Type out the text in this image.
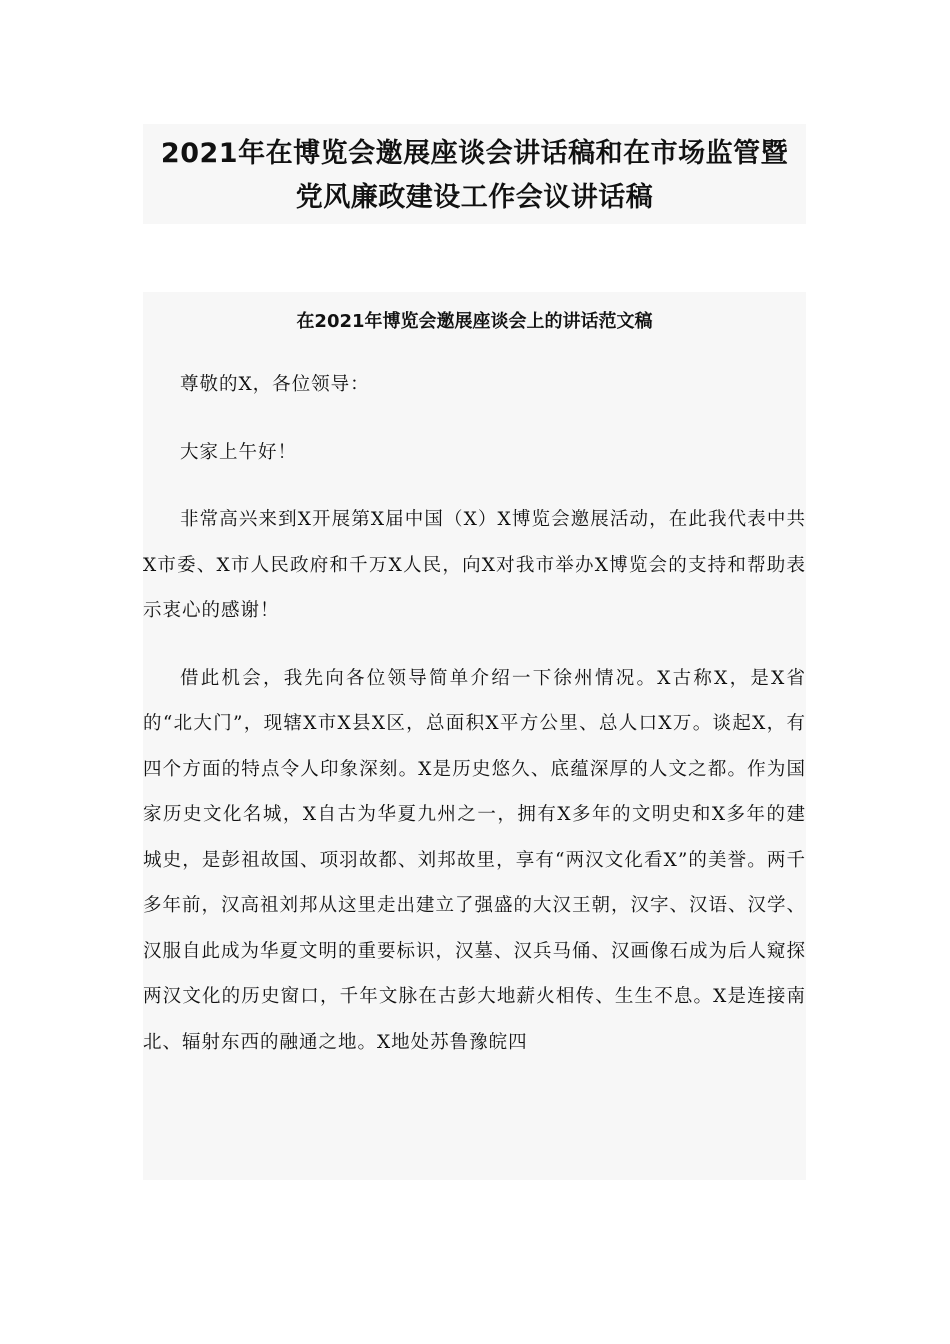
2021年在博览会邀展座谈会讲话稿和在市场监管暨
党风廉政建设工作会议讲话稿
在2021年博览会邀展座谈会上的讲话范文稿

尊敬的X，各位领导：

大家上午好！

非常高兴来到X开展第X届中国（X）X博览会邀展活动，在此我代表中共X市委、X市人民政府和千万X人民，向X对我市举办X博览会的支持和帮助表示衷心的感谢！

借此机会，我先向各位领导简单介绍一下徐州情况。X古称X，是X省的“北大门”，现辖X市X县X区，总面积X平方公里、总人口X万。谈起X，有四个方面的特点令人印象深刻。X是历史悠久、底蕴深厚的人文之都。作为国家历史文化名城，X自古为华夏九州之一，拥有X多年的文明史和X多年的建城史，是彭祖故国、项羽故都、刘邦故里，享有“两汉文化看X”的美誉。两千多年前，汉高祖刘邦从这里走出建立了强盛的大汉王朝，汉字、汉语、汉学、汉服自此成为华夏文明的重要标识，汉墓、汉兵马俑、汉画像石成为后人窥探两汉文化的历史窗口，千年文脉在古彭大地薪火相传、生生不息。X是连接南北、辐射东西的融通之地。X地处苏鲁豫皖四
